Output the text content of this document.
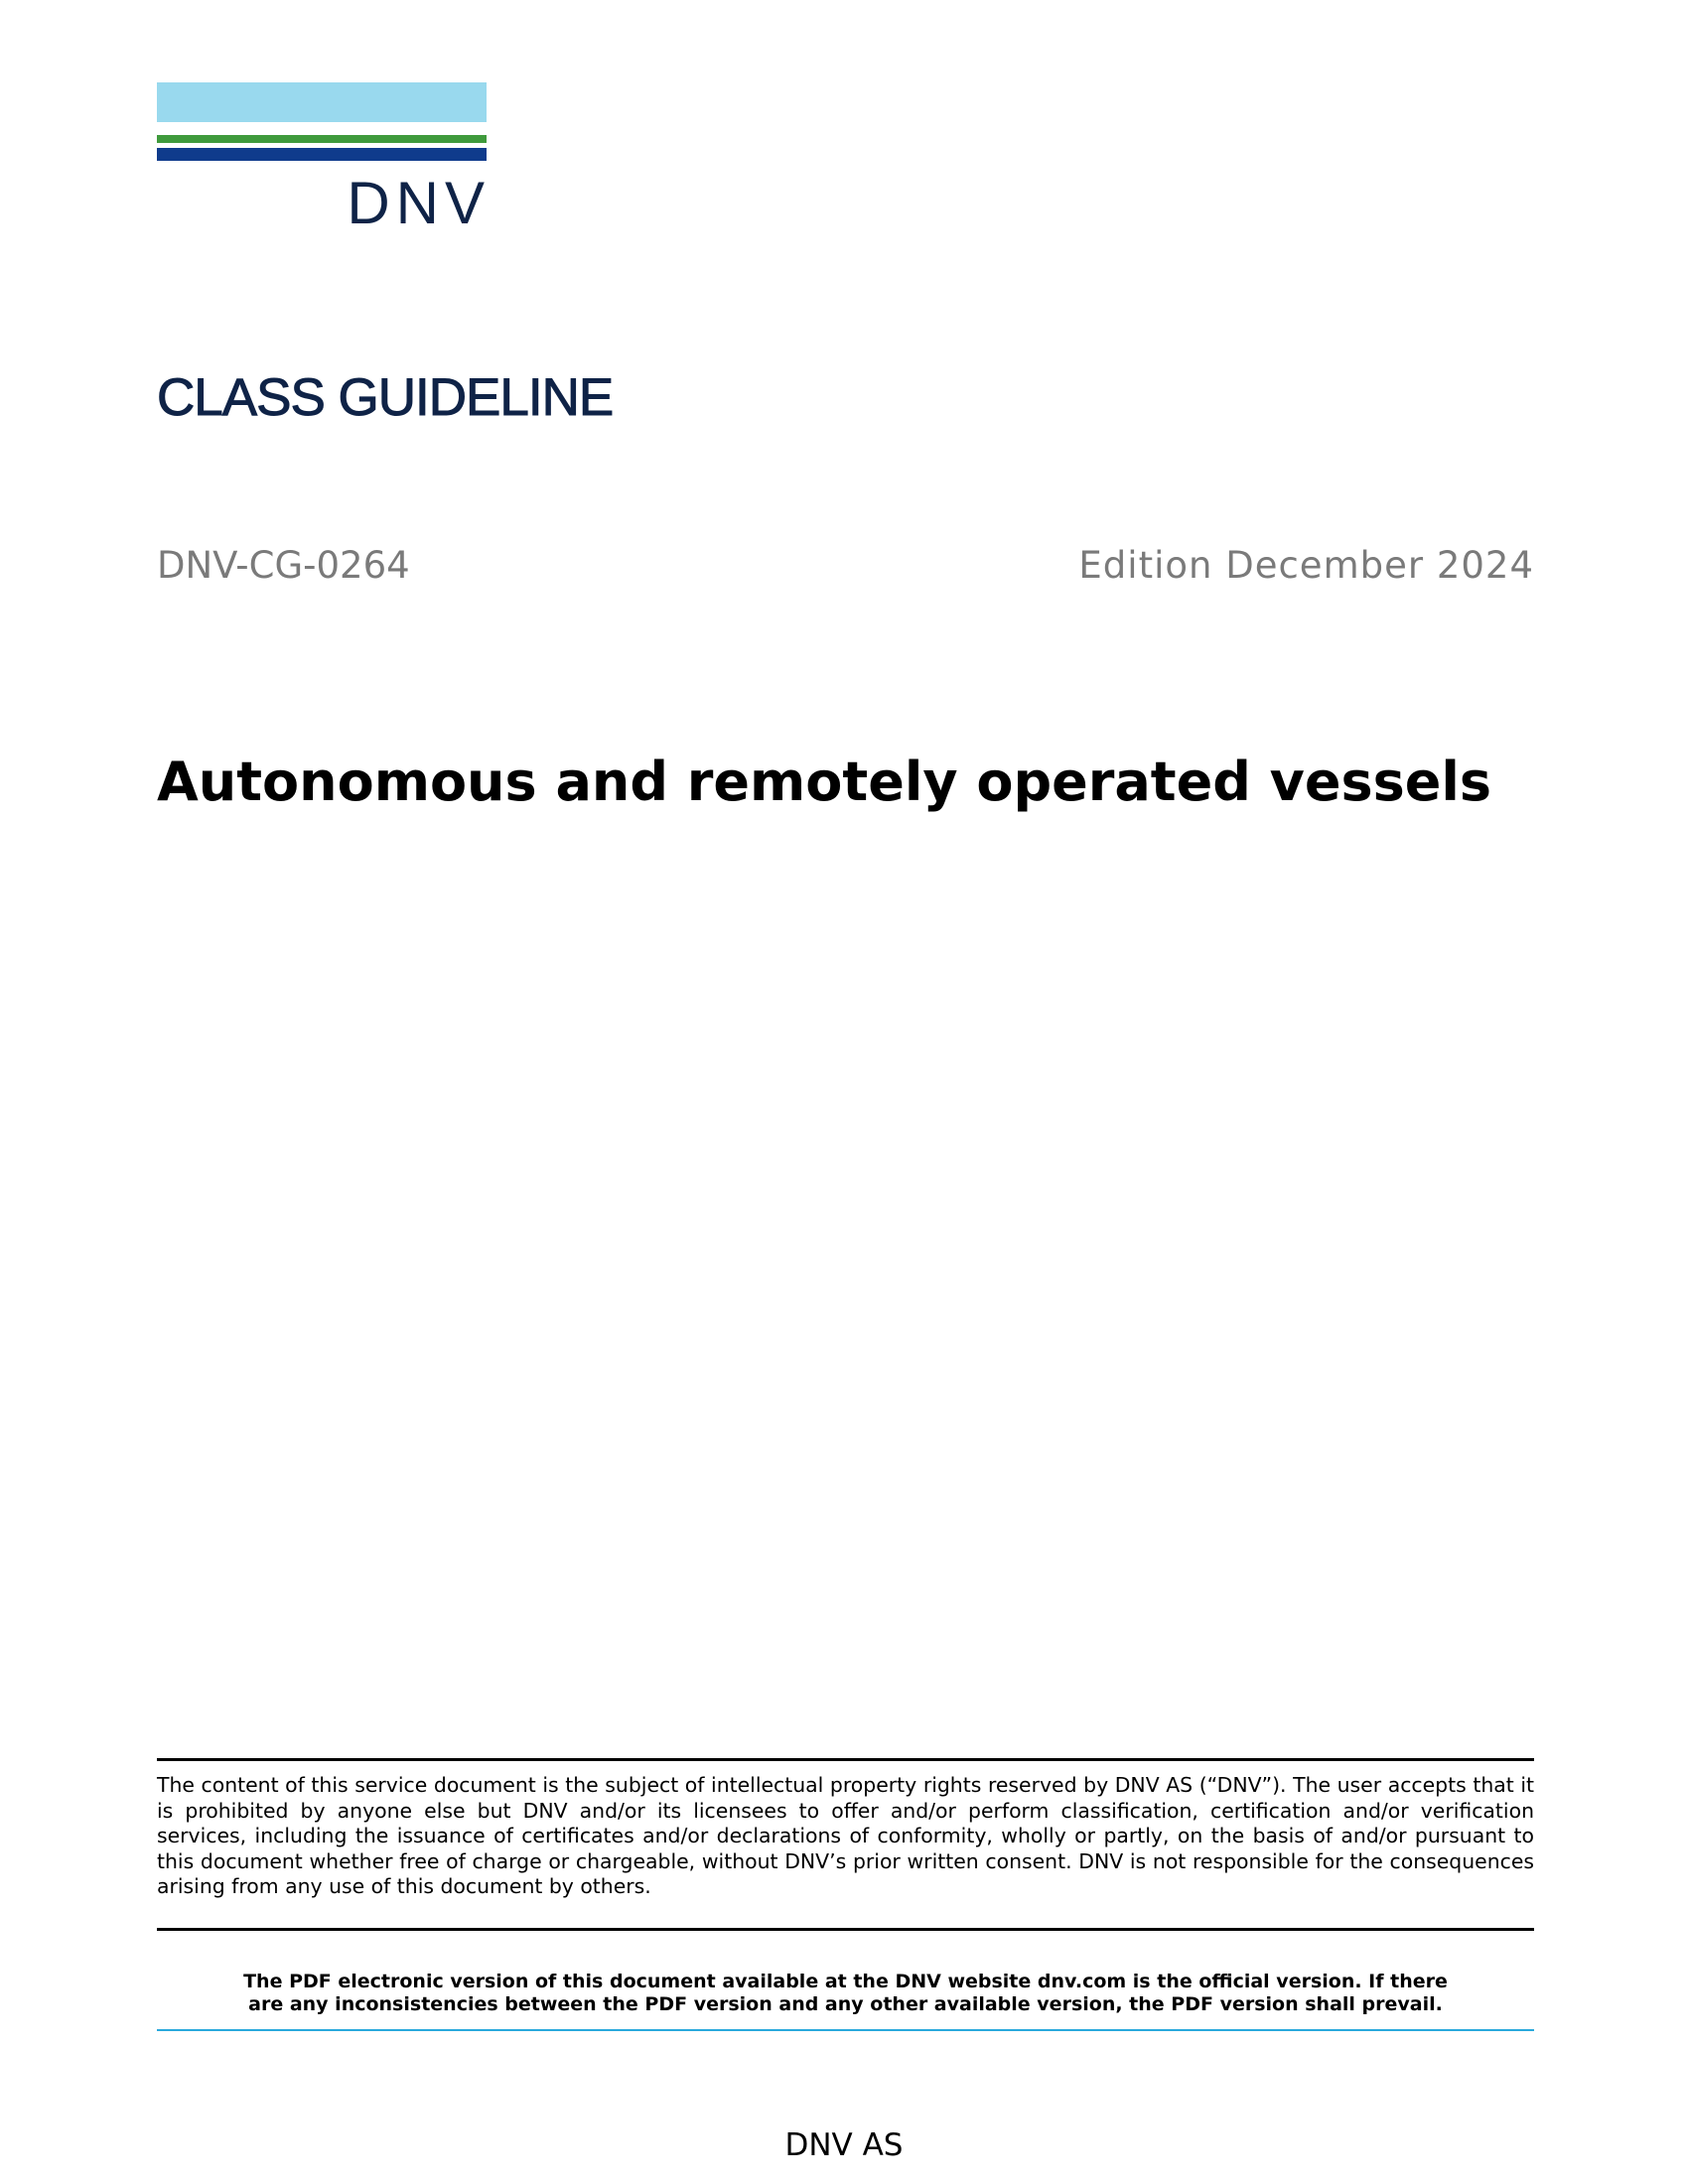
DNV
CLASS GUIDELINE
DNV-CG-0264	Edition December 2024
Autonomous and remotely operated vessels
The content of this service document is the subject of intellectual property rights reserved by DNV AS (“DNV”). The user accepts that it is prohibited by anyone else but DNV and/or its licensees to offer and/or perform classification, certification and/or verification services, including the issuance of certificates and/or declarations of conformity, wholly or partly, on the basis of and/or pursuant to this document whether free of charge or chargeable, without DNV’s prior written consent. DNV is not responsible for the consequences arising from any use of this document by others.
The PDF electronic version of this document available at the DNV website dnv.com is the official version. If there
are any inconsistencies between the PDF version and any other available version, the PDF version shall prevail.
DNV AS
